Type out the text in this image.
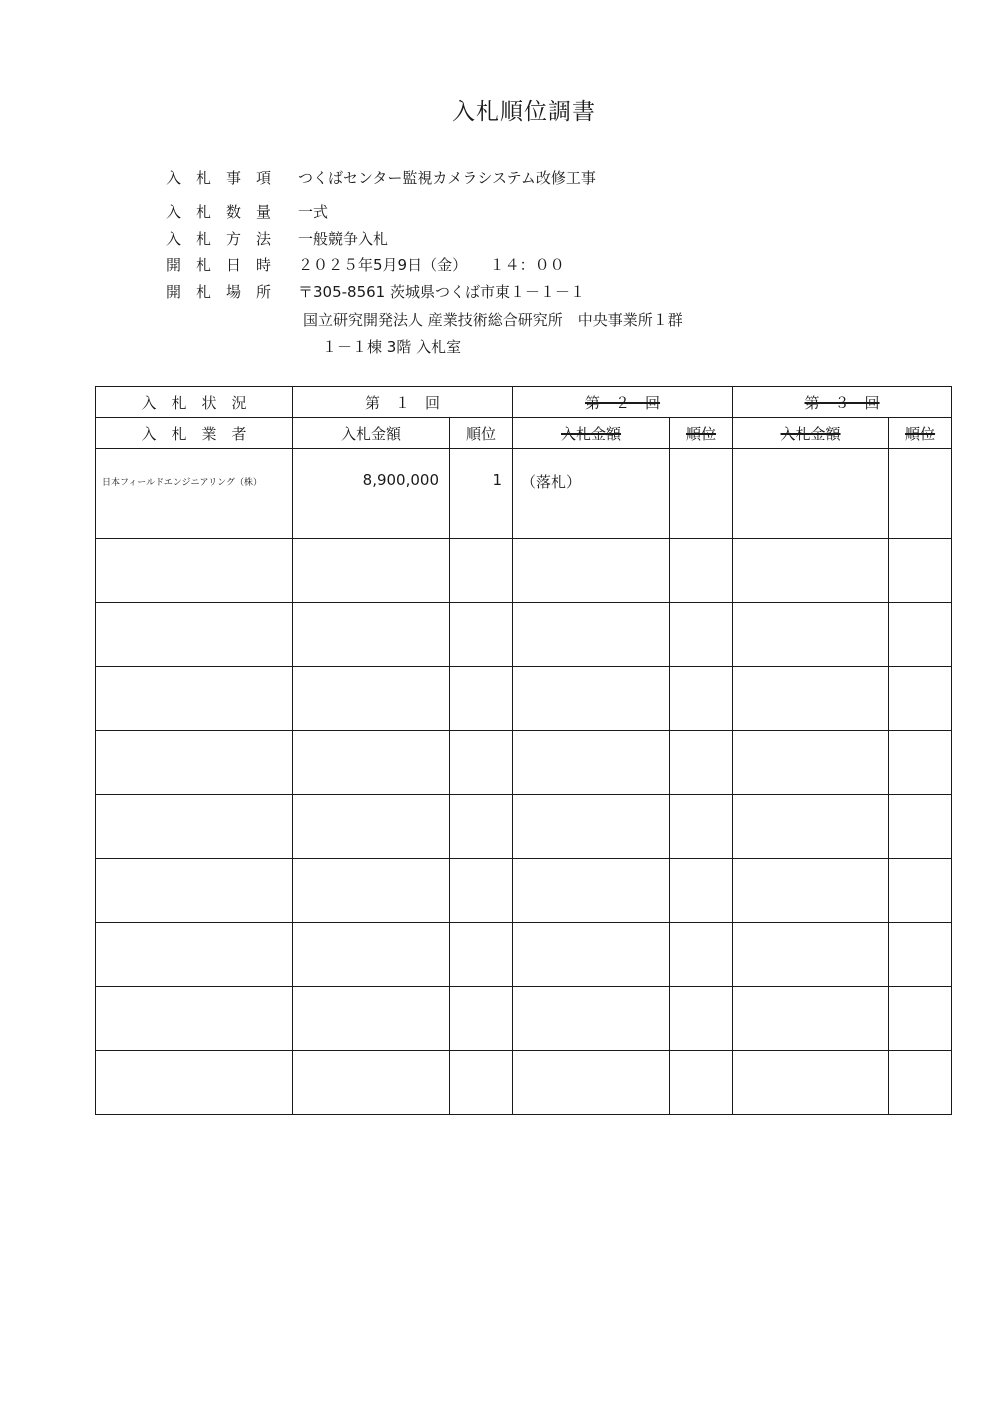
入札順位調書
入　札　事　項 つくばセンター監視カメラシステム改修工事
入　札　数　量 一式
入　札　方　法 一般競争入札
開　札　日　時 ２０２５年5月9日（金）　　１４：００
開　札　場　所 〒305-8561 茨城県つくば市東１－１－１
国立研究開発法人 産業技術総合研究所　中央事業所１群
１－１棟 3階 入札室
入　札　状　況	第　１　回		第　２　回		第　３　回	
入　札　業　者	入札金額	順位	入札金額	順位	入札金額	順位
日本フィールドエンジニアリング（株）	8,900,000	1	（落札）			
